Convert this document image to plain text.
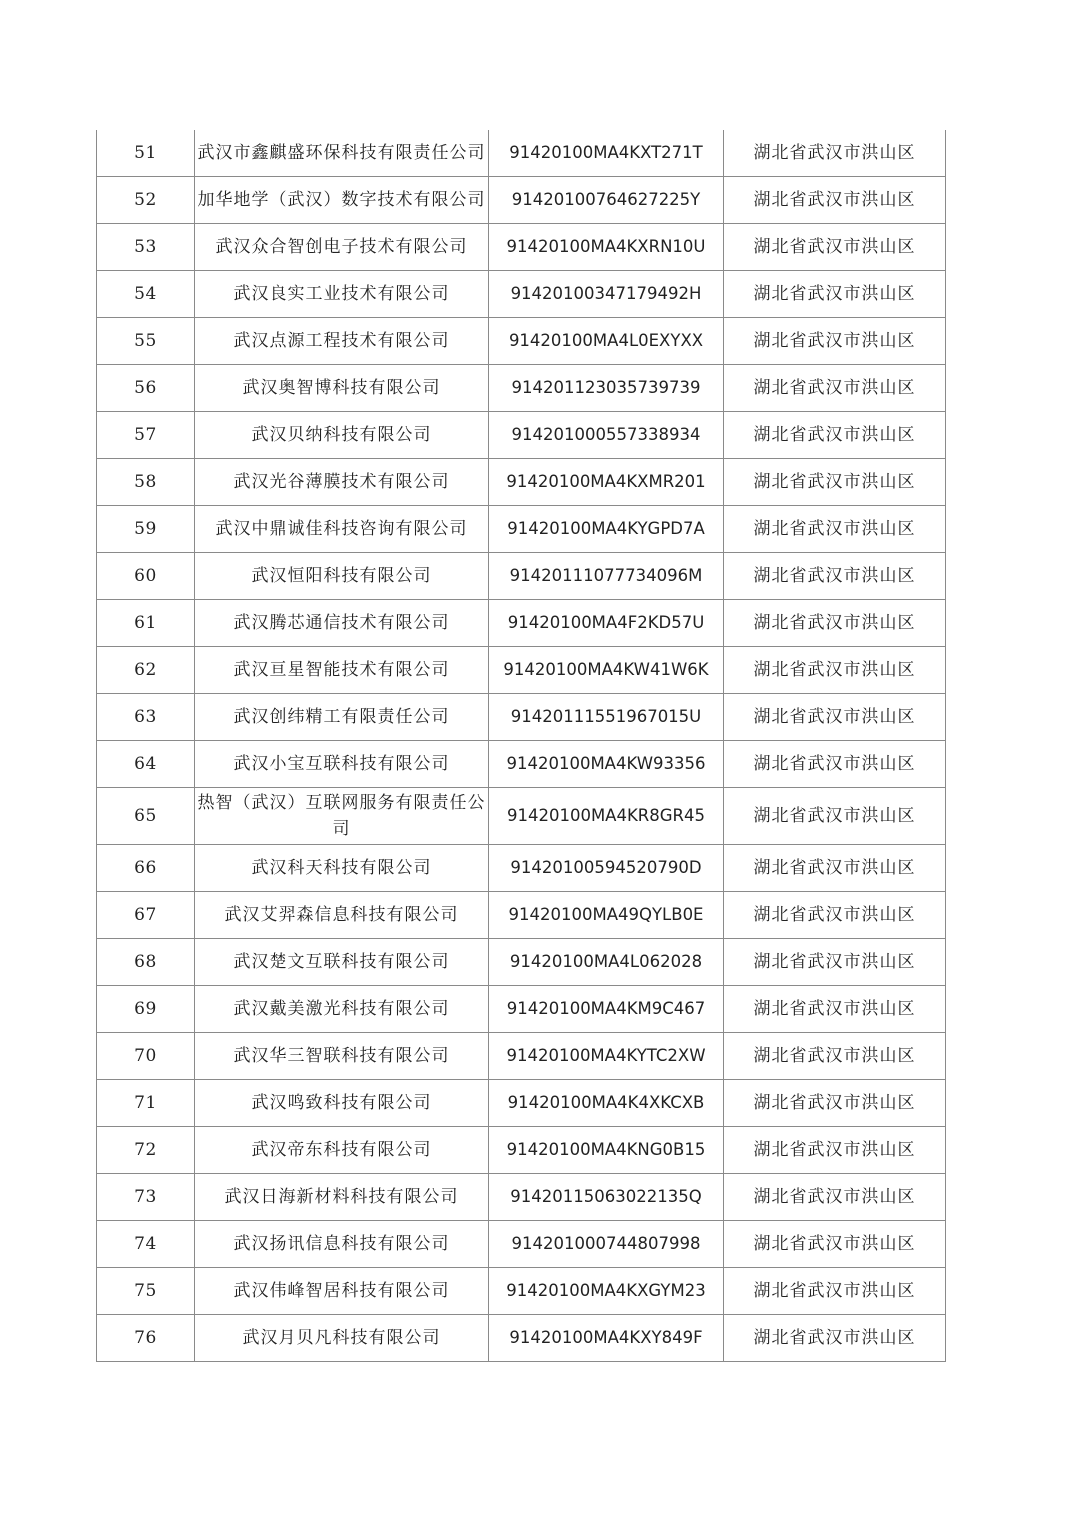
51	武汉市鑫麒盛环保科技有限责任公司	91420100MA4KXT271T	湖北省武汉市洪山区
52	加华地学（武汉）数字技术有限公司	91420100764627225Y	湖北省武汉市洪山区
53	武汉众合智创电子技术有限公司	91420100MA4KXRN10U	湖北省武汉市洪山区
54	武汉良实工业技术有限公司	91420100347179492H	湖北省武汉市洪山区
55	武汉点源工程技术有限公司	91420100MA4L0EXYXX	湖北省武汉市洪山区
56	武汉奥智博科技有限公司	914201123035739739	湖北省武汉市洪山区
57	武汉贝纳科技有限公司	914201000557338934	湖北省武汉市洪山区
58	武汉光谷薄膜技术有限公司	91420100MA4KXMR201	湖北省武汉市洪山区
59	武汉中鼎诚佳科技咨询有限公司	91420100MA4KYGPD7A	湖北省武汉市洪山区
60	武汉恒阳科技有限公司	91420111077734096M	湖北省武汉市洪山区
61	武汉腾芯通信技术有限公司	91420100MA4F2KD57U	湖北省武汉市洪山区
62	武汉亘星智能技术有限公司	91420100MA4KW41W6K	湖北省武汉市洪山区
63	武汉创纬精工有限责任公司	91420111551967015U	湖北省武汉市洪山区
64	武汉小宝互联科技有限公司	91420100MA4KW93356	湖北省武汉市洪山区
65	热智（武汉）互联网服务有限责任公司	91420100MA4KR8GR45	湖北省武汉市洪山区
66	武汉科天科技有限公司	91420100594520790D	湖北省武汉市洪山区
67	武汉艾羿森信息科技有限公司	91420100MA49QYLB0E	湖北省武汉市洪山区
68	武汉楚文互联科技有限公司	91420100MA4L062028	湖北省武汉市洪山区
69	武汉戴美激光科技有限公司	91420100MA4KM9C467	湖北省武汉市洪山区
70	武汉华三智联科技有限公司	91420100MA4KYTC2XW	湖北省武汉市洪山区
71	武汉鸣致科技有限公司	91420100MA4K4XKCXB	湖北省武汉市洪山区
72	武汉帝东科技有限公司	91420100MA4KNG0B15	湖北省武汉市洪山区
73	武汉日海新材料科技有限公司	91420115063022135Q	湖北省武汉市洪山区
74	武汉扬讯信息科技有限公司	914201000744807998	湖北省武汉市洪山区
75	武汉伟峰智居科技有限公司	91420100MA4KXGYM23	湖北省武汉市洪山区
76	武汉月贝凡科技有限公司	91420100MA4KXY849F	湖北省武汉市洪山区
